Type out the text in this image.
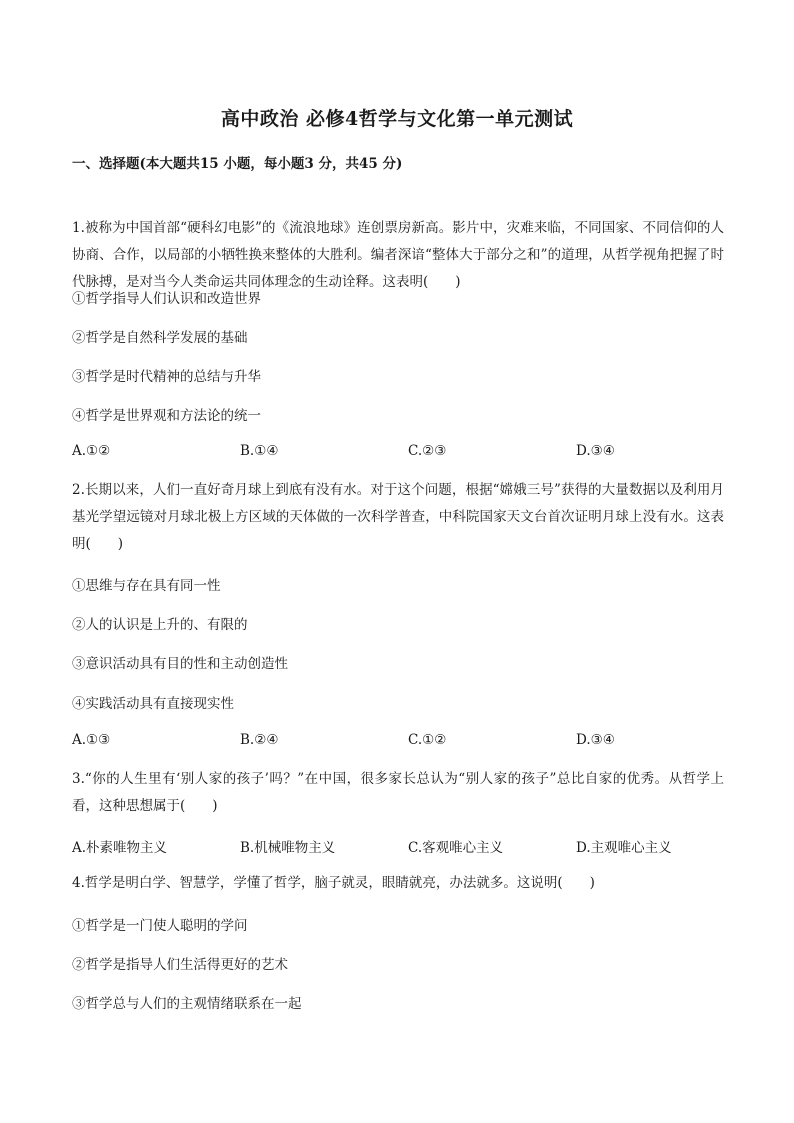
高中政治 必修4哲学与文化第一单元测试
一、选择题(本大题共15 小题，每小题3 分，共45 分)
1.被称为中国首部“硬科幻电影”的《流浪地球》连创票房新高。影片中，灾难来临，不同国家、不同信仰的人协商、合作，以局部的小牺牲换来整体的大胜利。编者深谙“整体大于部分之和”的道理，从哲学视角把握了时代脉搏，是对当今人类命运共同体理念的生动诠释。这表明(　　)
①哲学指导人们认识和改造世界
②哲学是自然科学发展的基础
③哲学是时代精神的总结与升华
④哲学是世界观和方法论的统一
A.①②	B.①④	C.②③	D.③④
2.长期以来，人们一直好奇月球上到底有没有水。对于这个问题，根据“嫦娥三号”获得的大量数据以及利用月基光学望远镜对月球北极上方区域的天体做的一次科学普查，中科院国家天文台首次证明月球上没有水。这表明(　　)
①思维与存在具有同一性
②人的认识是上升的、有限的
③意识活动具有目的性和主动创造性
④实践活动具有直接现实性
A.①③	B.②④	C.①②	D.③④
3.“你的人生里有‘别人家的孩子’吗？”在中国，很多家长总认为“别人家的孩子”总比自家的优秀。从哲学上看，这种思想属于(　　)
A.朴素唯物主义	B.机械唯物主义	C.客观唯心主义	D.主观唯心主义
4.哲学是明白学、智慧学，学懂了哲学，脑子就灵，眼睛就亮，办法就多。这说明(　　)
①哲学是一门使人聪明的学问
②哲学是指导人们生活得更好的艺术
③哲学总与人们的主观情绪联系在一起
